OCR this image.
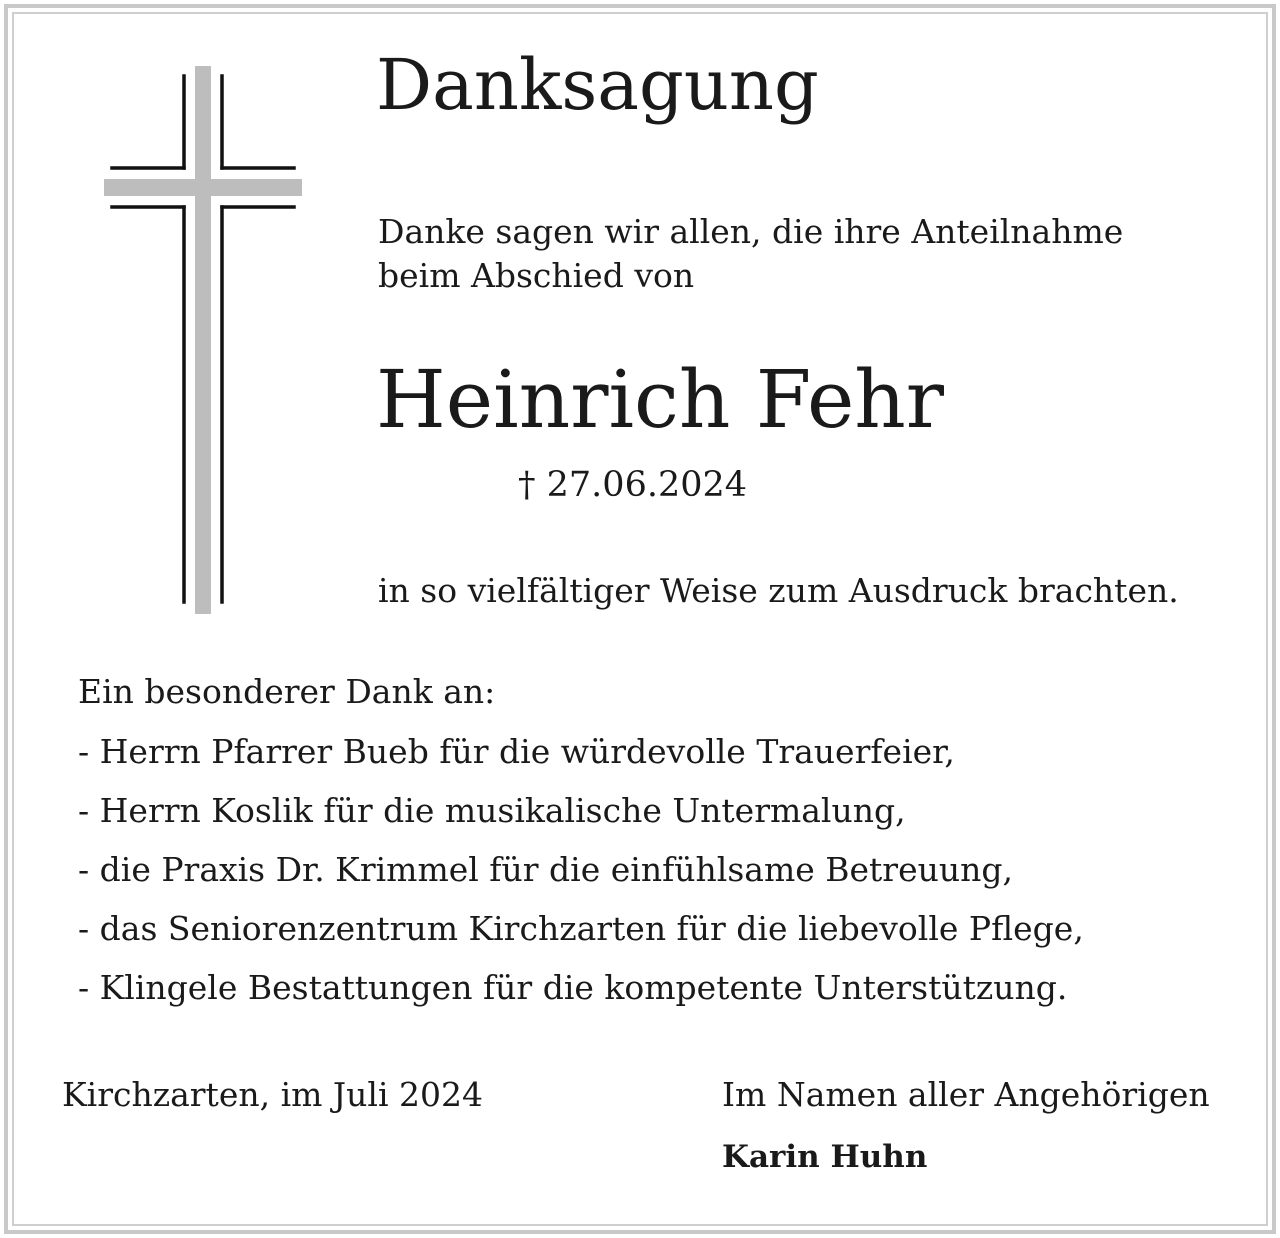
Danksagung

Danke sagen wir allen, die ihre Anteilnahme
beim Abschied von

Heinrich Fehr
† 27.06.2024

in so vielfältiger Weise zum Ausdruck brachten.

Ein besonderer Dank an:
- Herrn Pfarrer Bueb für die würdevolle Trauerfeier,
- Herrn Koslik für die musikalische Untermalung,
- die Praxis Dr. Krimmel für die einfühlsame Betreuung,
- das Seniorenzentrum Kirchzarten für die liebevolle Pflege,
- Klingele Bestattungen für die kompetente Unterstützung.
Kirchzarten, im Juli 2024	Im Namen aller Angehörigen
Karin Huhn
